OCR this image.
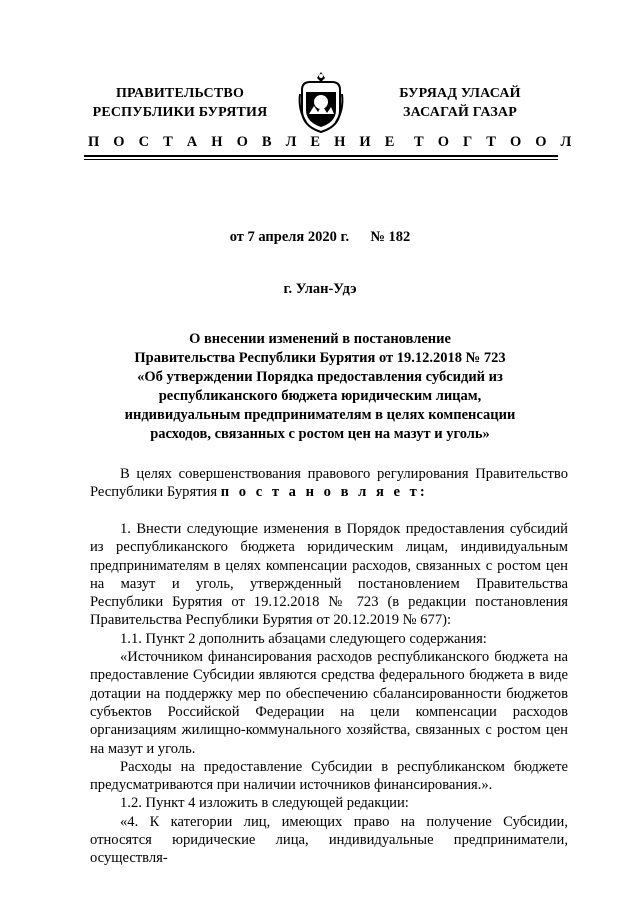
ПРАВИТЕЛЬСТВО
РЕСПУБЛИКИ БУРЯТИЯ
БУРЯАД УЛАСАЙ
ЗАСАГАЙ ГАЗАР
П О С Т А Н О В Л Е Н И Е Т О Г Т О О Л
от 7 апреля 2020 г. № 182
г. Улан-Удэ
О внесении изменений в постановление
Правительства Республики Бурятия от 19.12.2018 № 723
«Об утверждении Порядка предоставления субсидий из
республиканского бюджета юридическим лицам,
индивидуальным предпринимателям в целях компенсации
расходов, связанных с ростом цен на мазут и уголь»

В целях совершенствования правового регулирования Правительство Республики Бурятия п о с т а н о в л я е т:

1. Внести следующие изменения в Порядок предоставления субсидий из республиканского бюджета юридическим лицам, индивидуальным предпринимателям в целях компенсации расходов, связанных с ростом цен на мазут и уголь, утвержденный постановлением Правительства Республики Бурятия от 19.12.2018 № 723 (в редакции постановления Правительства Республики Бурятия от 20.12.2019 № 677):

1.1. Пункт 2 дополнить абзацами следующего содержания:

«Источником финансирования расходов республиканского бюджета на предоставление Субсидии являются средства федерального бюджета в виде дотации на поддержку мер по обеспечению сбалансированности бюджетов субъектов Российской Федерации на цели компенсации расходов организациям жилищно-коммунального хозяйства, связанных с ростом цен на мазут и уголь.

Расходы на предоставление Субсидии в республиканском бюджете предусматриваются при наличии источников финансирования.».

1.2. Пункт 4 изложить в следующей редакции:

«4. К категории лиц, имеющих право на получение Субсидии, относятся юридические лица, индивидуальные предприниматели, осуществля-
